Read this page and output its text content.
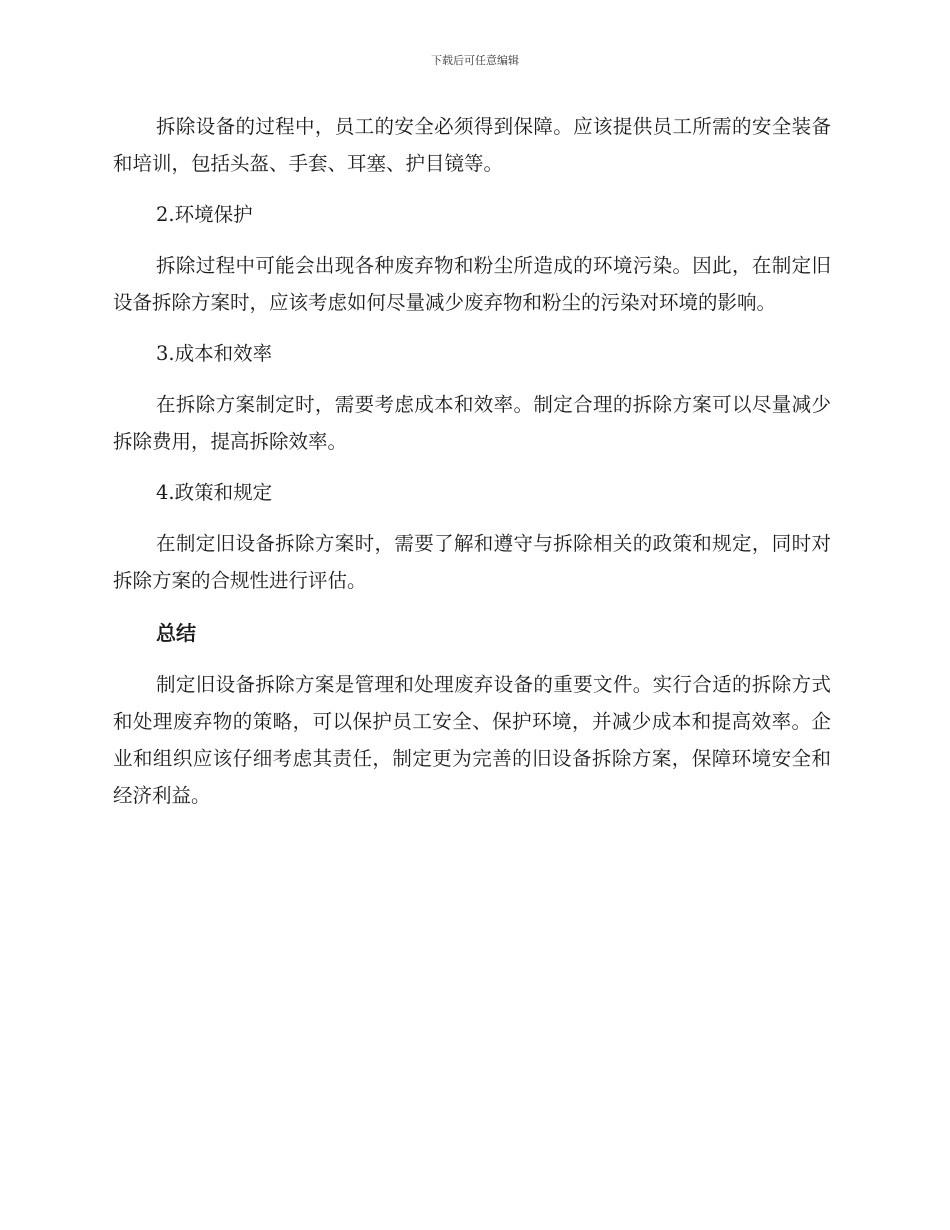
下载后可任意编辑

拆除设备的过程中，员工的安全必须得到保障。应该提供员工所需的安全装备和培训，包括头盔、手套、耳塞、护目镜等。

2.环境保护

拆除过程中可能会出现各种废弃物和粉尘所造成的环境污染。因此，在制定旧设备拆除方案时，应该考虑如何尽量减少废弃物和粉尘的污染对环境的影响。

3.成本和效率

在拆除方案制定时，需要考虑成本和效率。制定合理的拆除方案可以尽量减少拆除费用，提高拆除效率。

4.政策和规定

在制定旧设备拆除方案时，需要了解和遵守与拆除相关的政策和规定，同时对拆除方案的合规性进行评估。

总结

制定旧设备拆除方案是管理和处理废弃设备的重要文件。实行合适的拆除方式和处理废弃物的策略，可以保护员工安全、保护环境，并减少成本和提高效率。企业和组织应该仔细考虑其责任，制定更为完善的旧设备拆除方案，保障环境安全和经济利益。
